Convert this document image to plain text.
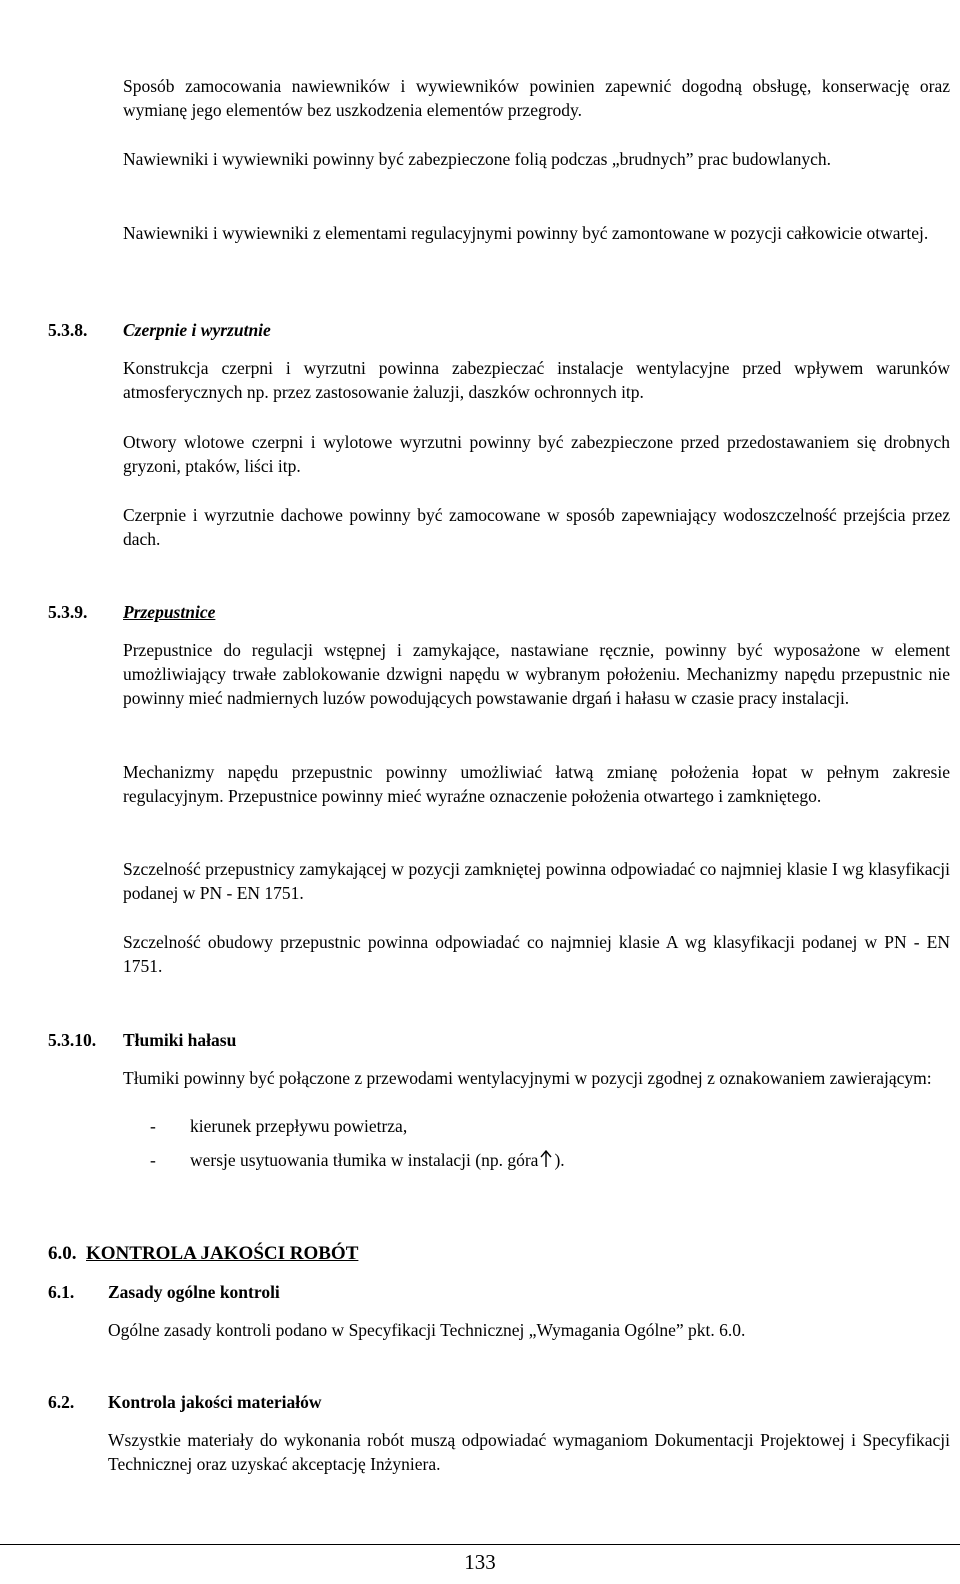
Sposób zamocowania nawiewników i wywiewników powinien zapewnić dogodną obsługę, konserwację oraz wymianę jego elementów bez uszkodzenia elementów przegrody.

Nawiewniki i wywiewniki powinny być zabezpieczone folią podczas „brudnych” prac budowlanych.

Nawiewniki i wywiewniki z elementami regulacyjnymi powinny być zamontowane w pozycji całkowicie otwartej.

5.3.8. Czerpnie i wyrzutnie

Konstrukcja czerpni i wyrzutni powinna zabezpieczać instalacje wentylacyjne przed wpływem warunków atmosferycznych np. przez zastosowanie żaluzji, daszków ochronnych itp.

Otwory wlotowe czerpni i wylotowe wyrzutni powinny być zabezpieczone przed przedostawaniem się drobnych gryzoni, ptaków, liści itp.

Czerpnie i wyrzutnie dachowe powinny być zamocowane w sposób zapewniający wodoszczelność przejścia przez dach.

5.3.9. Przepustnice

Przepustnice do regulacji wstępnej i zamykające, nastawiane ręcznie, powinny być wyposażone w element umożliwiający trwałe zablokowanie dzwigni napędu w wybranym położeniu. Mechanizmy napędu przepustnic nie powinny mieć nadmiernych luzów powodujących powstawanie drgań i hałasu w czasie pracy instalacji.

Mechanizmy napędu przepustnic powinny umożliwiać łatwą zmianę położenia łopat w pełnym zakresie regulacyjnym. Przepustnice powinny mieć wyraźne oznaczenie położenia otwartego i zamkniętego.

Szczelność przepustnicy zamykającej w pozycji zamkniętej powinna odpowiadać co najmniej klasie I wg klasyfikacji podanej w PN - EN 1751.

Szczelność obudowy przepustnic powinna odpowiadać co najmniej klasie A wg klasyfikacji podanej w PN - EN 1751.

5.3.10. Tłumiki hałasu

Tłumiki powinny być połączone z przewodami wentylacyjnymi w pozycji zgodnej z oznakowaniem zawierającym:

- kierunek przepływu powietrza,
- wersje usytuowania tłumika w instalacji (np. góra ).
6.0. KONTROLA JAKOŚCI ROBÓT
6.1. Zasady ogólne kontroli

Ogólne zasady kontroli podano w Specyfikacji Technicznej „Wymagania Ogólne” pkt. 6.0.

6.2. Kontrola jakości materiałów

Wszystkie materiały do wykonania robót muszą odpowiadać wymaganiom Dokumentacji Projektowej i Specyfikacji Technicznej oraz uzyskać akceptację Inżyniera.

133
